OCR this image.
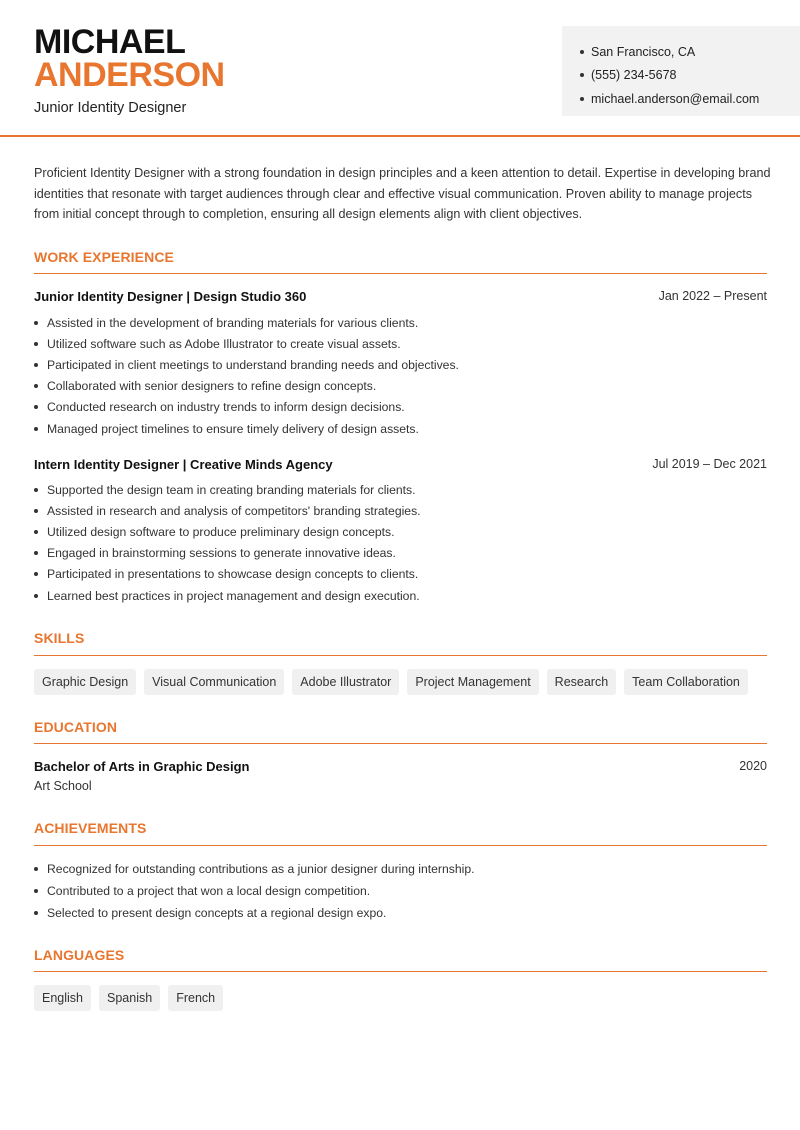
MICHAEL
ANDERSON
Junior Identity Designer
San Francisco, CA
(555) 234-5678
michael.anderson@email.com

Proficient Identity Designer with a strong foundation in design principles and a keen attention to detail. Expertise in developing brand identities that resonate with target audiences through clear and effective visual communication. Proven ability to manage projects from initial concept through to completion, ensuring all design elements align with client objectives.

WORK EXPERIENCE
Junior Identity Designer | Design Studio 360	Jan 2022 – Present
Assisted in the development of branding materials for various clients.
Utilized software such as Adobe Illustrator to create visual assets.
Participated in client meetings to understand branding needs and objectives.
Collaborated with senior designers to refine design concepts.
Conducted research on industry trends to inform design decisions.
Managed project timelines to ensure timely delivery of design assets.
Intern Identity Designer | Creative Minds Agency	Jul 2019 – Dec 2021
Supported the design team in creating branding materials for clients.
Assisted in research and analysis of competitors' branding strategies.
Utilized design software to produce preliminary design concepts.
Engaged in brainstorming sessions to generate innovative ideas.
Participated in presentations to showcase design concepts to clients.
Learned best practices in project management and design execution.
SKILLS
Graphic Design	Visual Communication	Adobe Illustrator	Project Management	Research	Team Collaboration
EDUCATION
Bachelor of Arts in Graphic Design	2020
Art School
ACHIEVEMENTS
Recognized for outstanding contributions as a junior designer during internship.
Contributed to a project that won a local design competition.
Selected to present design concepts at a regional design expo.
LANGUAGES
English	Spanish	French
